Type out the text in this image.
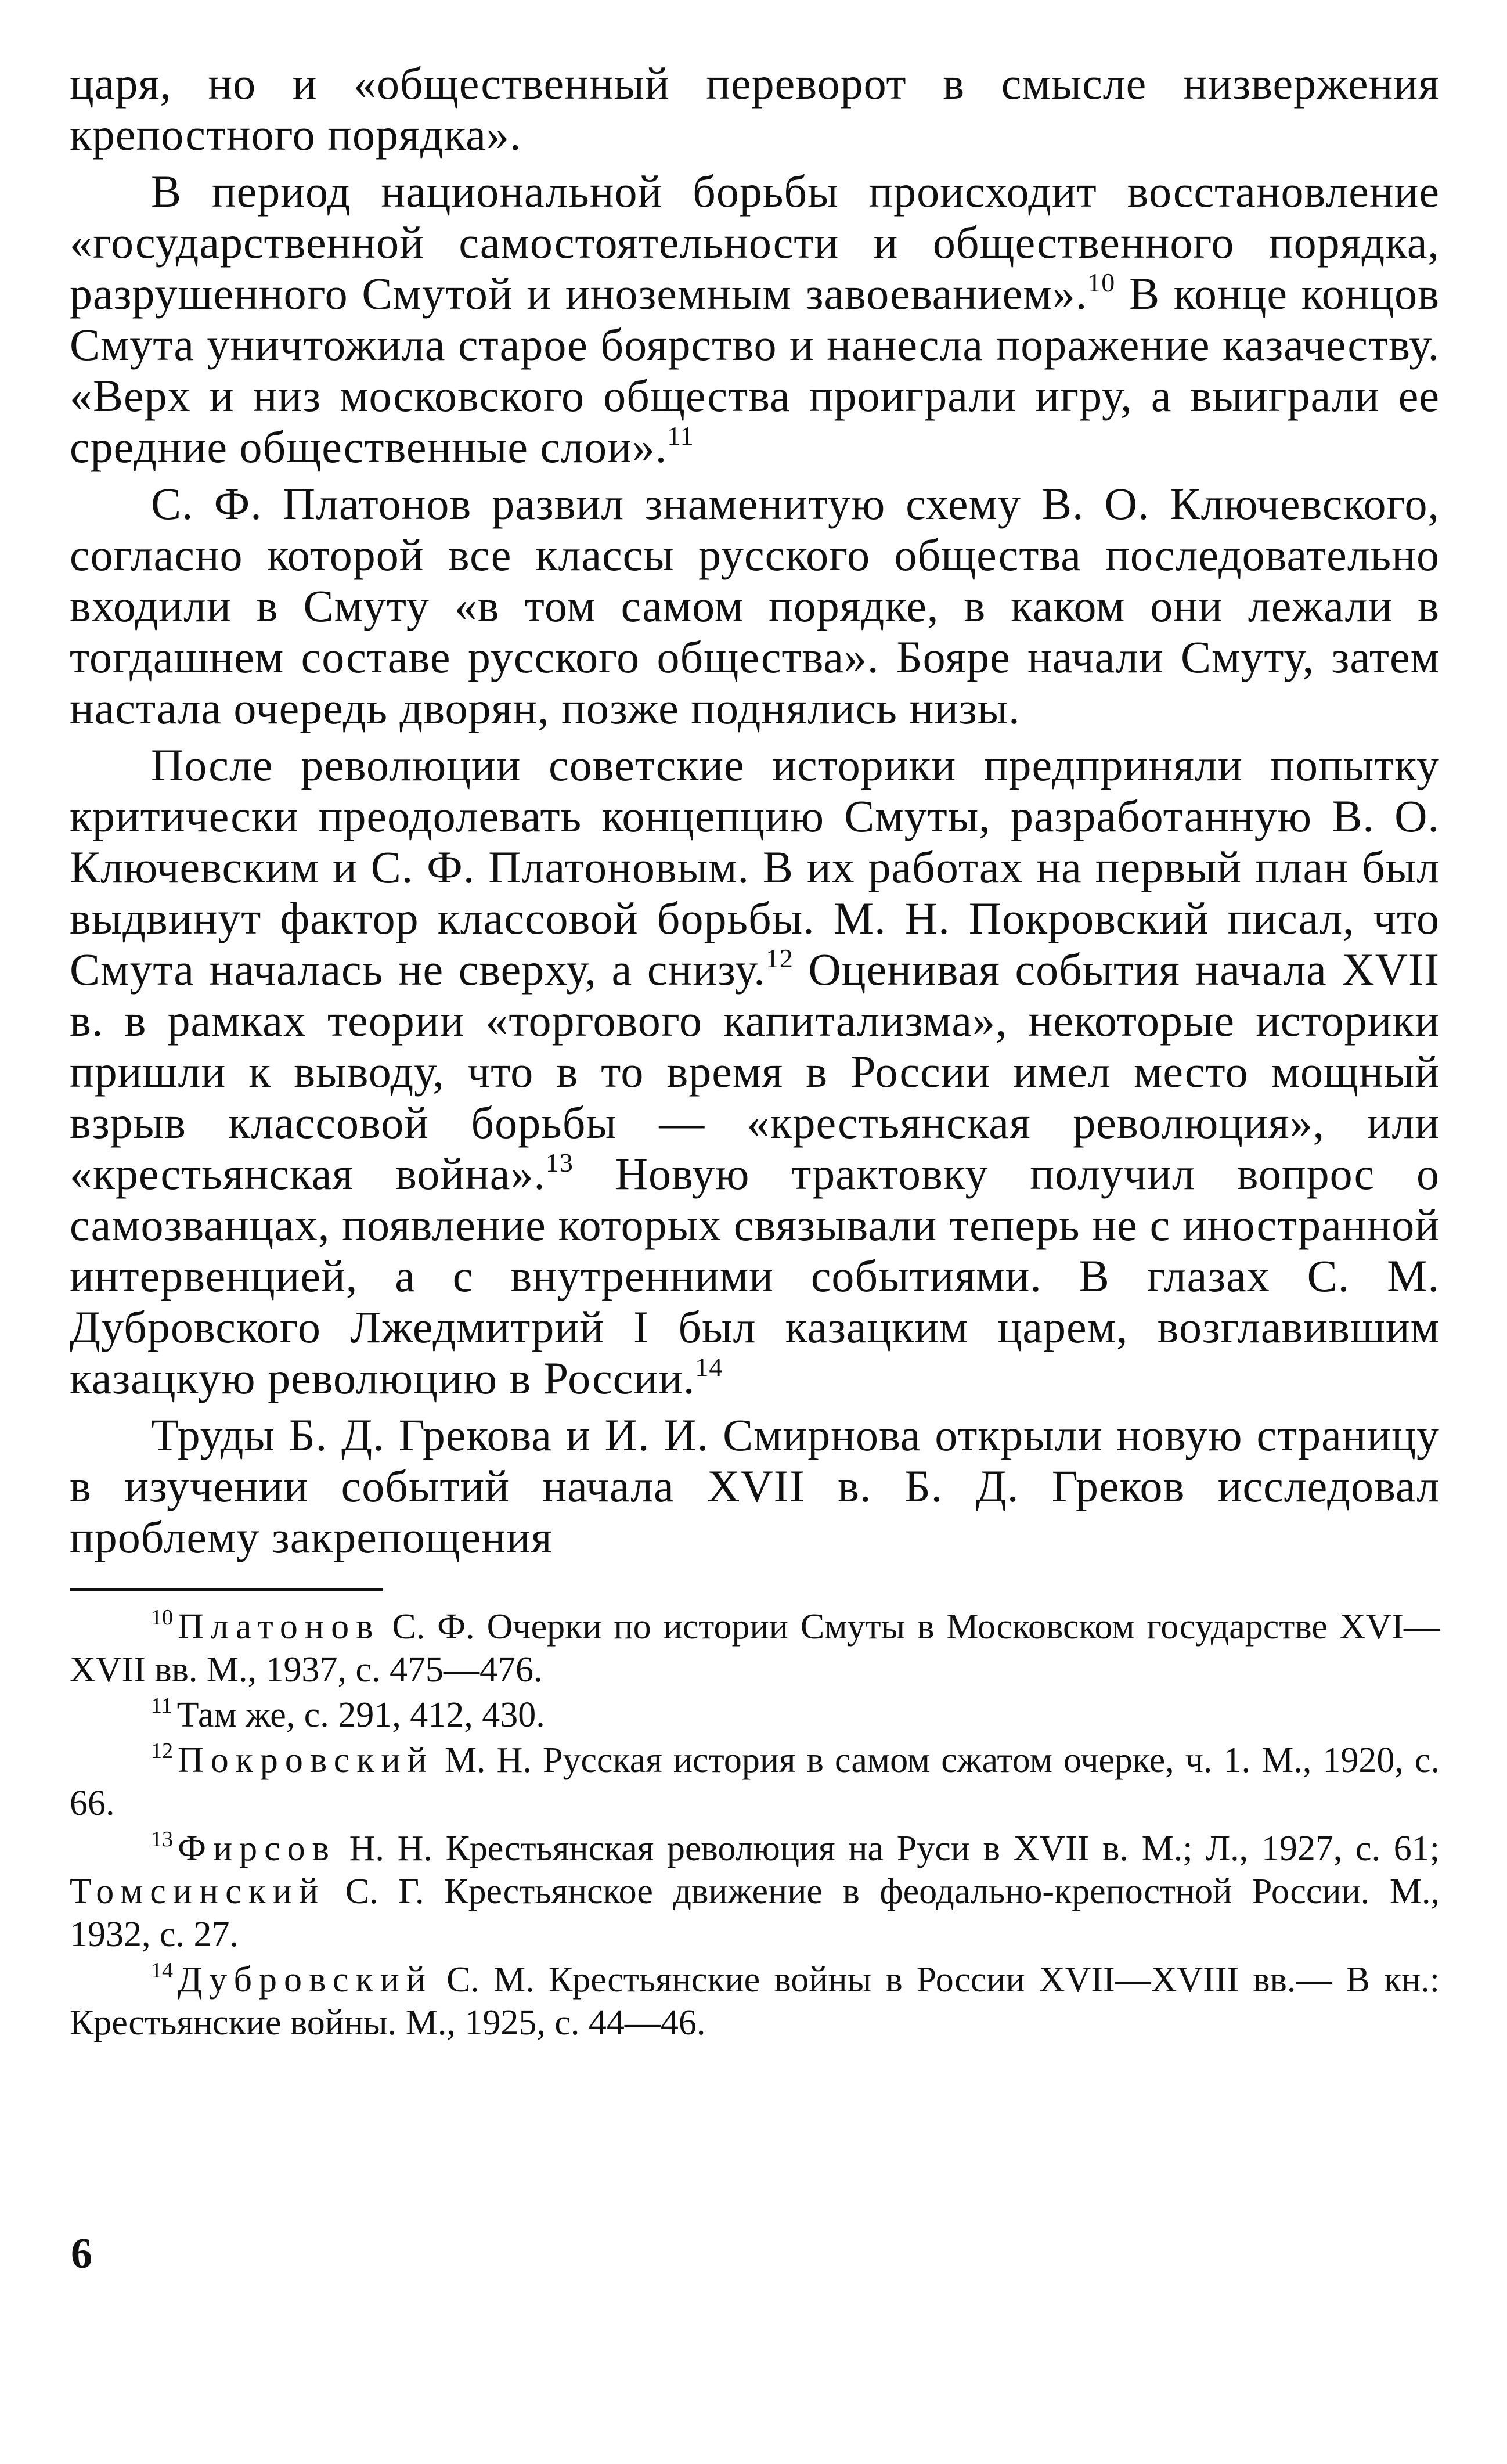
царя, но и «общественный переворот в смысле низвержения крепостного порядка».

В период национальной борьбы происходит восстановление «государственной самостоятельности и общественного порядка, разрушенного Смутой и иноземным завоеванием».$^{10}$ В конце концов Смута уничтожила старое боярство и нанесла поражение казачеству. «Верх и низ московского общества проиграли игру, а выиграли ее средние общественные слои».$^{11}$

С. Ф. Платонов развил знаменитую схему В. О. Ключевского, согласно которой все классы русского общества последовательно входили в Смуту «в том самом порядке, в каком они лежали в тогдашнем составе русского общества». Бояре начали Смуту, затем настала очередь дворян, позже поднялись низы.

После революции советские историки предприняли попытку критически преодолевать концепцию Смуты, разработанную В. О. Ключевским и С. Ф. Платоновым. В их работах на первый план был выдвинут фактор классовой борьбы. М. Н. Покровский писал, что Смута началась не сверху, а снизу.$^{12}$ Оценивая события начала XVII в. в рамках теории «торгового капитализма», некоторые историки пришли к выводу, что в то время в России имел место мощный взрыв классовой борьбы — «крестьянская революция», или «крестьянская война».$^{13}$ Новую трактовку получил вопрос о самозванцах, появление которых связывали теперь не с иностранной интервенцией, а с внутренними событиями. В глазах С. М. Дубровского Лжедмитрий I был казацким царем, возглавившим казацкую революцию в России.$^{14}$

Труды Б. Д. Грекова и И. И. Смирнова открыли новую страницу в изучении событий начала XVII в. Б. Д. Греков исследовал проблему закрепощения

$^{10}$ Платонов С. Ф. Очерки по истории Смуты в Московском государстве XVI—XVII вв. М., 1937, с. 475—476.

$^{11}$ Там же, с. 291, 412, 430.

$^{12}$ Покровский М. Н. Русская история в самом сжатом очерке, ч. 1. М., 1920, с. 66.

$^{13}$ Фирсов Н. Н. Крестьянская революция на Руси в XVII в. М.; Л., 1927, с. 61; Томсинский С. Г. Крестьянское движение в феодально-крепостной России. М., 1932, с. 27.

$^{14}$ Дубровский С. М. Крестьянские войны в России XVII—XVIII вв.— В кн.: Крестьянские войны. М., 1925, с. 44—46.

6
